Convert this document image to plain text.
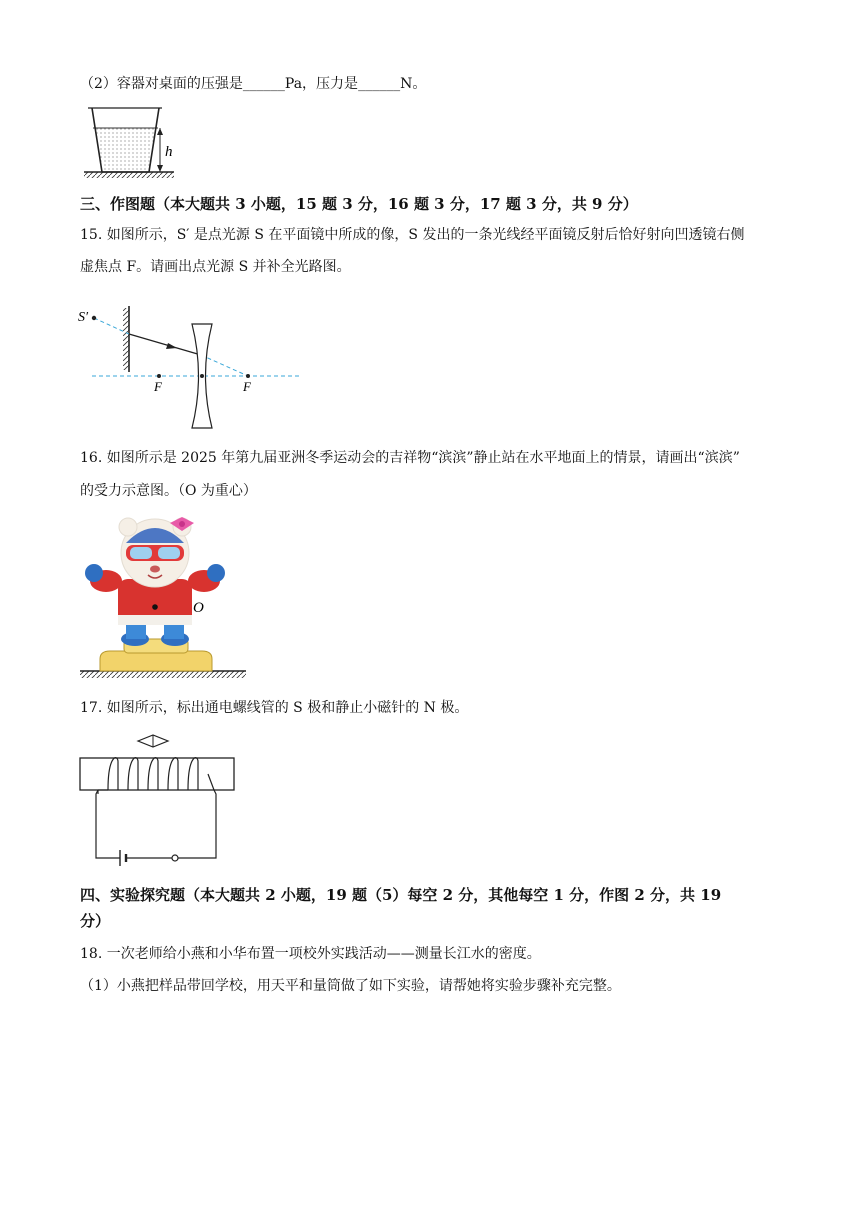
（2）容器对桌面的压强是______Pa，压力是______N。
h
三、作图题（本大题共 3 小题，15 题 3 分，16 题 3 分，17 题 3 分，共 9 分）
15. 如图所示，S′ 是点光源 S 在平面镜中所成的像，S 发出的一条光线经平面镜反射后恰好射向凹透镜右侧
虚焦点 F。请画出点光源 S 并补全光路图。
S′
F	F
16. 如图所示是 2025 年第九届亚洲冬季运动会的吉祥物“滨滨”静止站在水平地面上的情景，请画出“滨滨”
的受力示意图。（O 为重心）
O
17. 如图所示，标出通电螺线管的 S 极和静止小磁针的 N 极。
四、实验探究题（本大题共 2 小题，19 题（5）每空 2 分，其他每空 1 分，作图 2 分，共 19
分）
18. 一次老师给小燕和小华布置一项校外实践活动——测量长江水的密度。
（1）小燕把样品带回学校，用天平和量筒做了如下实验，请帮她将实验步骤补充完整。
